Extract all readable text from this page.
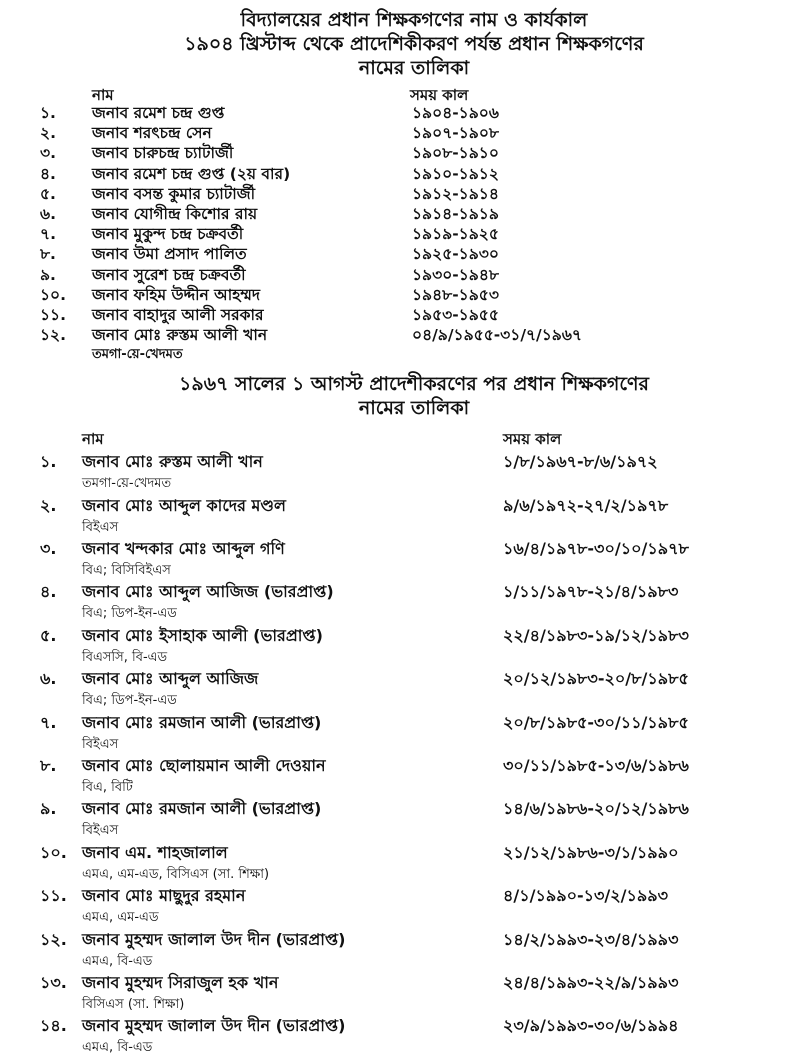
বিদ্যালয়ের প্রধান শিক্ষকগণের নাম ও কার্যকাল
১৯০৪ খ্রিস্টাব্দ থেকে প্রাদেশিকীকরণ পর্যন্ত প্রধান শিক্ষকগণের
নামের তালিকা
নাম	সময় কাল
১.	জনাব রমেশ চন্দ্র গুপ্ত	১৯০৪-১৯০৬
২.	জনাব শরৎচন্দ্র সেন	১৯০৭-১৯০৮
৩.	জনাব চারুচন্দ্র চ্যাটার্জী	১৯০৮-১৯১০
৪.	জনাব রমেশ চন্দ্র গুপ্ত (২য় বার)	১৯১০-১৯১২
৫.	জনাব বসন্ত কুমার চ্যাটার্জী	১৯১২-১৯১৪
৬.	জনাব যোগীন্দ্র কিশোর রায়	১৯১৪-১৯১৯
৭.	জনাব মুকুন্দ চন্দ্র চক্রবর্তী	১৯১৯-১৯২৫
৮.	জনাব উমা প্রসাদ পালিত	১৯২৫-১৯৩০
৯.	জনাব সুরেশ চন্দ্র চক্রবর্তী	১৯৩০-১৯৪৮
১০.	জনাব ফহিম উদ্দীন আহম্মদ	১৯৪৮-১৯৫৩
১১.	জনাব বাহাদুর আলী সরকার	১৯৫৩-১৯৫৫
১২.	জনাব মোঃ রুস্তম আলী খান	০৪/৯/১৯৫৫-৩১/৭/১৯৬৭
তমগা-য়ে-খেদমত
১৯৬৭ সালের ১ আগস্ট প্রাদেশীকরণের পর প্রধান শিক্ষকগণের
নামের তালিকা
নাম	সময় কাল
১.	জনাব মোঃ রুস্তম আলী খান	১/৮/১৯৬৭-৮/৬/১৯৭২
তমগা-য়ে-খেদমত
২.	জনাব মোঃ আব্দুল কাদের মণ্ডল	৯/৬/১৯৭২-২৭/২/১৯৭৮
বিইএস
৩.	জনাব খন্দকার মোঃ আব্দুল গণি	১৬/৪/১৯৭৮-৩০/১০/১৯৭৮
বিএ; বিসিবিইএস
৪.	জনাব মোঃ আব্দুল আজিজ (ভারপ্রাপ্ত)	১/১১/১৯৭৮-২১/৪/১৯৮৩
বিএ; ডিপ-ইন-এড
৫.	জনাব মোঃ ইসাহাক আলী (ভারপ্রাপ্ত)	২২/৪/১৯৮৩-১৯/১২/১৯৮৩
বিএসসি, বি-এড
৬.	জনাব মোঃ আব্দুল আজিজ	২০/১২/১৯৮৩-২০/৮/১৯৮৫
বিএ; ডিপ-ইন-এড
৭.	জনাব মোঃ রমজান আলী (ভারপ্রাপ্ত)	২০/৮/১৯৮৫-৩০/১১/১৯৮৫
বিইএস
৮.	জনাব মোঃ ছোলায়মান আলী দেওয়ান	৩০/১১/১৯৮৫-১৩/৬/১৯৮৬
বিএ, বিটি
৯.	জনাব মোঃ রমজান আলী (ভারপ্রাপ্ত)	১৪/৬/১৯৮৬-২০/১২/১৯৮৬
বিইএস
১০. জনাব এম. শাহজালাল	২১/১২/১৯৮৬-৩/১/১৯৯০
এমএ, এম-এড, বিসিএস (সা. শিক্ষা)
১১. জনাব মোঃ মাছুদুর রহমান	৪/১/১৯৯০-১৩/২/১৯৯৩
এমএ, এম-এড
১২. জনাব মুহম্মদ জালাল উদ দীন (ভারপ্রাপ্ত)	১৪/২/১৯৯৩-২৩/৪/১৯৯৩
এমএ, বি-এড
১৩. জনাব মুহম্মদ সিরাজুল হক খান	২৪/৪/১৯৯৩-২২/৯/১৯৯৩
বিসিএস (সা. শিক্ষা)
১৪. জনাব মুহম্মদ জালাল উদ দীন (ভারপ্রাপ্ত)	২৩/৯/১৯৯৩-৩০/৬/১৯৯৪
এমএ, বি-এড
